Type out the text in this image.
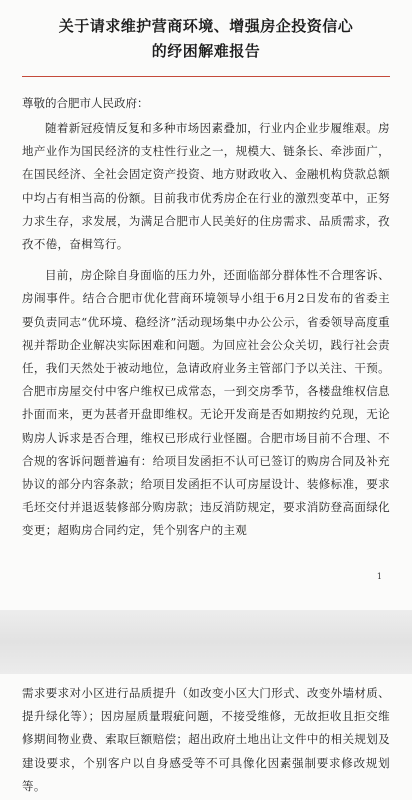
关于请求维护营商环境、增强房企投资信心

的纾困解难报告

尊敬的合肥市人民政府：

随着新冠疫情反复和多种市场因素叠加，行业内企业步履维艰。房地产业作为国民经济的支柱性行业之一，规模大、链条长、牵涉面广，在国民经济、全社会固定资产投资、地方财政收入、金融机构贷款总额中均占有相当高的份额。目前我市优秀房企在行业的激烈变革中，正努力求生存，求发展，为满足合肥市人民美好的住房需求、品质需求，孜孜不倦，奋楫笃行。

目前，房企除自身面临的压力外，还面临部分群体性不合理客诉、房闹事件。结合合肥市优化营商环境领导小组于6月2日发布的省委主要负责同志“优环境、稳经济”活动现场集中办公公示，省委领导高度重视并帮助企业解决实际困难和问题。为回应社会公众关切，践行社会责任，我们天然处于被动地位，急请政府业务主管部门予以关注、干预。合肥市房屋交付中客户维权已成常态，一到交房季节，各楼盘维权信息扑面而来，更为甚者开盘即维权。无论开发商是否如期按约兑现，无论购房人诉求是否合理，维权已形成行业怪圈。合肥市场目前不合理、不合规的客诉问题普遍有：给项目发函拒不认可已签订的购房合同及补充协议的部分内容条款；给项目发函拒不认可房屋设计、装修标准，要求毛坯交付并退返装修部分购房款；违反消防规定，要求消防登高面绿化变更；超购房合同约定，凭个别客户的主观

1

需求要求对小区进行品质提升（如改变小区大门形式、改变外墙材质、提升绿化等）；因房屋质量瑕疵问题，不接受维修，无故拒收且拒交维修期间物业费、索取巨额赔偿；超出政府土地出让文件中的相关规划及建设要求，个别客户以自身感受等不可具像化因素强制要求修改规划等。
